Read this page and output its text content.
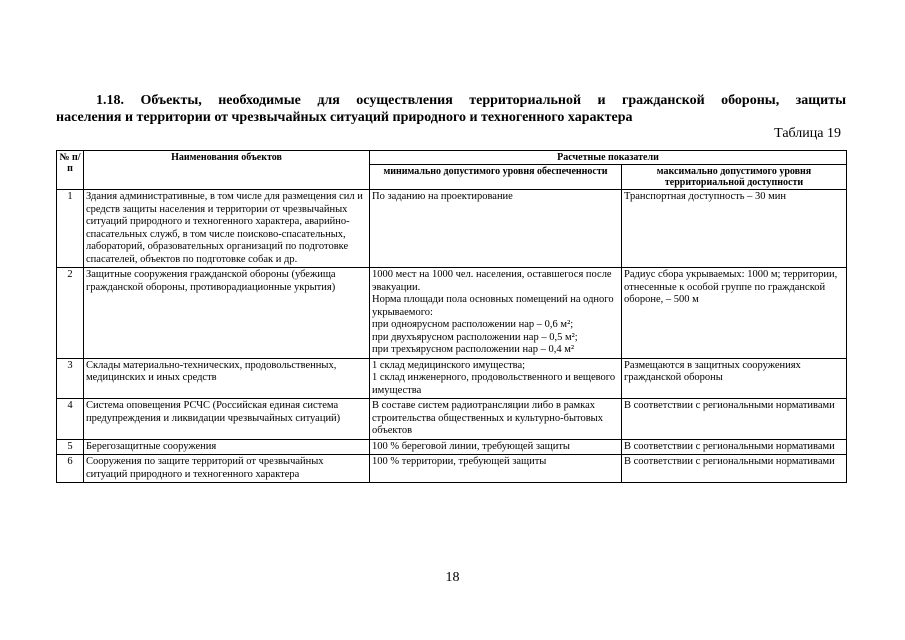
1.18. Объекты, необходимые для осуществления территориальной и гражданской обороны, защиты
населения и территории от чрезвычайных ситуаций природного и техногенного характера

Таблица 19
№ п/п	Наименования объектов	Расчетные показатели	
		минимально допустимого уровня обеспеченности	максимально допустимого уровня территориальной доступности
1	Здания административные, в том числе для размещения сил и средств защиты населения и территории от чрезвычайных ситуаций природного и техногенного характера, аварийно-спасательных служб, в том числе поисково-спасательных, лабораторий, образовательных организаций по подготовке спасателей, объектов по подготовке собак и др.	По заданию на проектирование	Транспортная доступность – 30 мин
2	Защитные сооружения гражданской обороны (убежища гражданской обороны, противорадиационные укрытия)	1000 мест на 1000 чел. населения, оставшегося после эвакуации.
Норма площади пола основных помещений на одного укрываемого:
при одноярусном расположении нар – 0,6 м²;
при двухъярусном расположении нар – 0,5 м²;
при трехъярусном расположении нар – 0,4 м²	Радиус сбора укрываемых: 1000 м; территории, отнесенные к особой группе по гражданской обороне, – 500 м
3	Склады материально-технических, продовольственных, медицинских и иных средств	1 склад медицинского имущества;
1 склад инженерного, продовольственного и вещевого имущества	Размещаются в защитных сооружениях гражданской обороны
4	Система оповещения РСЧС (Российская единая система предупреждения и ликвидации чрезвычайных ситуаций)	В составе систем радиотрансляции либо в рамках строительства общественных и культурно-бытовых объектов	В соответствии с региональными нормативами
5	Берегозащитные сооружения	100 % береговой линии, требующей защиты	В соответствии с региональными нормативами
6	Сооружения по защите территорий от чрезвычайных ситуаций природного и техногенного характера	100 % территории, требующей защиты	В соответствии с региональными нормативами
18
